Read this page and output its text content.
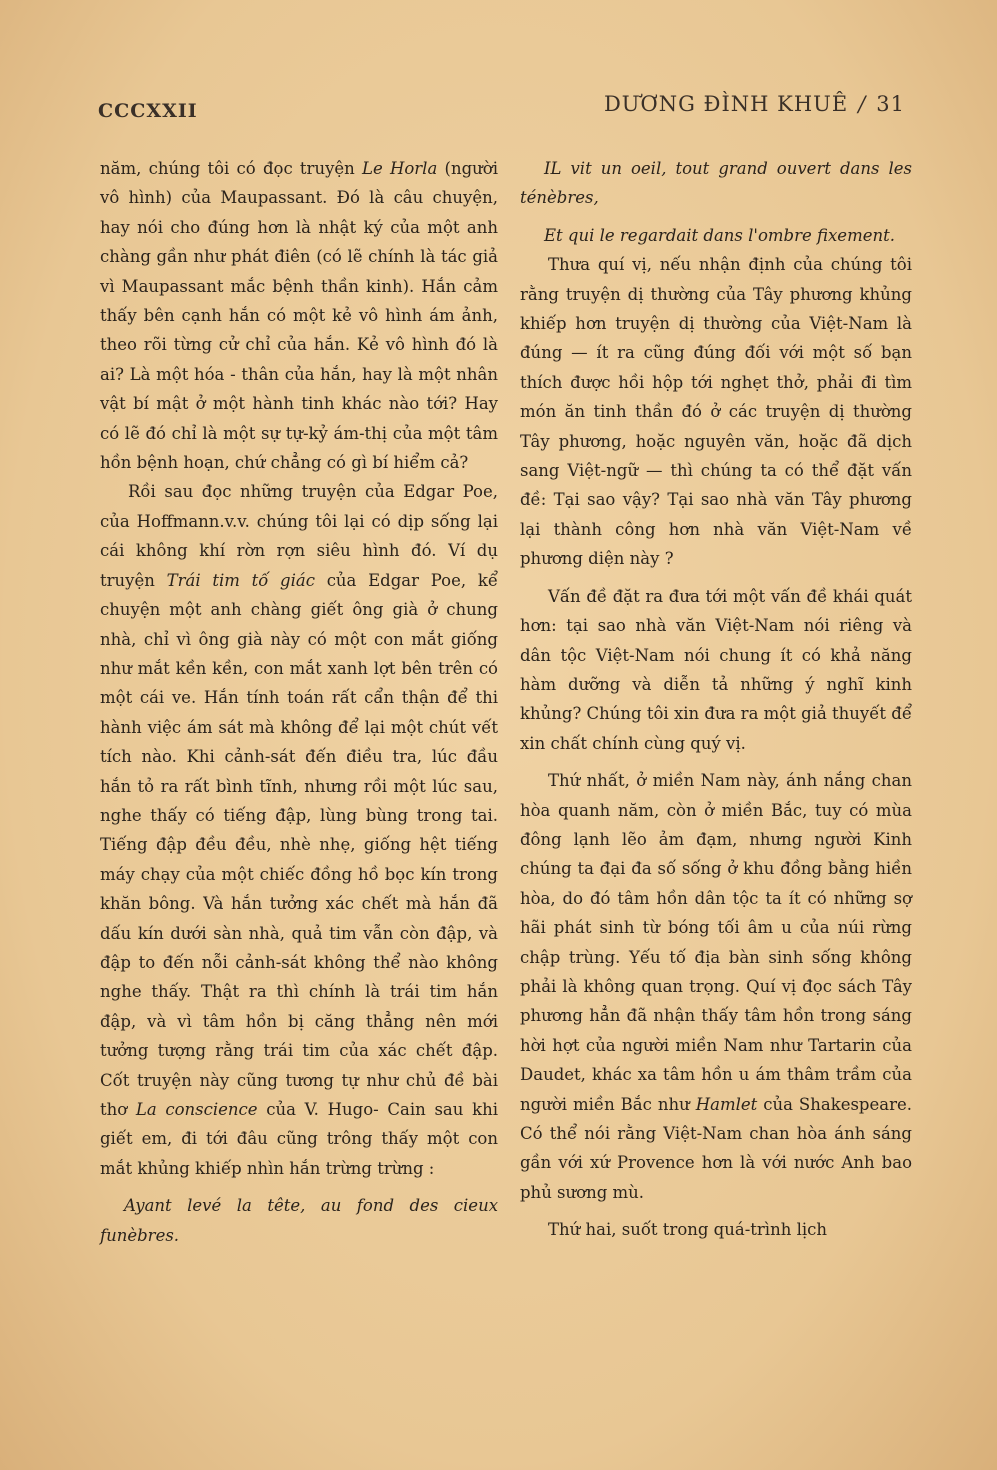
CCCXXII	DƯƠNG ĐÌNH KHUÊ / 31

năm, chúng tôi có đọc truyện Le Horla (người vô hình) của Maupassant. Đó là câu chuyện, hay nói cho đúng hơn là nhật ký của một anh chàng gần như phát điên (có lẽ chính là tác giả vì Maupassant mắc bệnh thần kinh). Hắn cảm thấy bên cạnh hắn có một kẻ vô hình ám ảnh, theo rõi từng cử chỉ của hắn. Kẻ vô hình đó là ai? Là một hóa - thân của hắn, hay là một nhân vật bí mật ở một hành tinh khác nào tới? Hay có lẽ đó chỉ là một sự tự-kỷ ám-thị của một tâm hồn bệnh hoạn, chứ chẳng có gì bí hiểm cả?

Rồi sau đọc những truyện của Edgar Poe, của Hoffmann.v.v. chúng tôi lại có dịp sống lại cái không khí rờn rợn siêu hình đó. Ví dụ truyện Trái tim tố giác của Edgar Poe, kể chuyện một anh chàng giết ông già ở chung nhà, chỉ vì ông già này có một con mắt giống như mắt kền kền, con mắt xanh lợt bên trên có một cái ve. Hắn tính toán rất cẩn thận để thi hành việc ám sát mà không để lại một chút vết tích nào. Khi cảnh-sát đến điều tra, lúc đầu hắn tỏ ra rất bình tĩnh, nhưng rồi một lúc sau, nghe thấy có tiếng đập, lùng bùng trong tai. Tiếng đập đều đều, nhè nhẹ, giống hệt tiếng máy chạy của một chiếc đồng hồ bọc kín trong khăn bông. Và hắn tưởng xác chết mà hắn đã dấu kín dưới sàn nhà, quả tim vẫn còn đập, và đập to đến nỗi cảnh-sát không thể nào không nghe thấy. Thật ra thì chính là trái tim hắn đập, và vì tâm hồn bị căng thẳng nên mới tưởng tượng rằng trái tim của xác chết đập. Cốt truyện này cũng tương tự như chủ đề bài thơ La conscience của V. Hugo- Cain sau khi giết em, đi tới đâu cũng trông thấy một con mắt khủng khiếp nhìn hắn trừng trừng :

Ayant levé la tête, au fond des cieux funèbres.

IL vit un oeil, tout grand ouvert dans les ténèbres,

Et qui le regardait dans l'ombre fixement.

Thưa quí vị, nếu nhận định của chúng tôi rằng truyện dị thường của Tây phương khủng khiếp hơn truyện dị thường của Việt-Nam là đúng — ít ra cũng đúng đối với một số bạn thích được hồi hộp tới nghẹt thở, phải đi tìm món ăn tinh thần đó ở các truyện dị thường Tây phương, hoặc nguyên văn, hoặc đã dịch sang Việt-ngữ — thì chúng ta có thể đặt vấn đề: Tại sao vậy? Tại sao nhà văn Tây phương lại thành công hơn nhà văn Việt-Nam về phương diện này ?

Vấn đề đặt ra đưa tới một vấn đề khái quát hơn: tại sao nhà văn Việt-Nam nói riêng và dân tộc Việt-Nam nói chung ít có khả năng hàm dưỡng và diễn tả những ý nghĩ kinh khủng? Chúng tôi xin đưa ra một giả thuyết để xin chất chính cùng quý vị.

Thứ nhất, ở miền Nam này, ánh nắng chan hòa quanh năm, còn ở miền Bắc, tuy có mùa đông lạnh lẽo ảm đạm, nhưng người Kinh chúng ta đại đa số sống ở khu đồng bằng hiền hòa, do đó tâm hồn dân tộc ta ít có những sợ hãi phát sinh từ bóng tối âm u của núi rừng chập trùng. Yếu tố địa bàn sinh sống không phải là không quan trọng. Quí vị đọc sách Tây phương hẳn đã nhận thấy tâm hồn trong sáng hời hợt của người miền Nam như Tartarin của Daudet, khác xa tâm hồn u ám thâm trầm của người miền Bắc như Hamlet của Shakespeare. Có thể nói rằng Việt-Nam chan hòa ánh sáng gần với xứ Provence hơn là với nước Anh bao phủ sương mù.

Thứ hai, suốt trong quá-trình lịch
